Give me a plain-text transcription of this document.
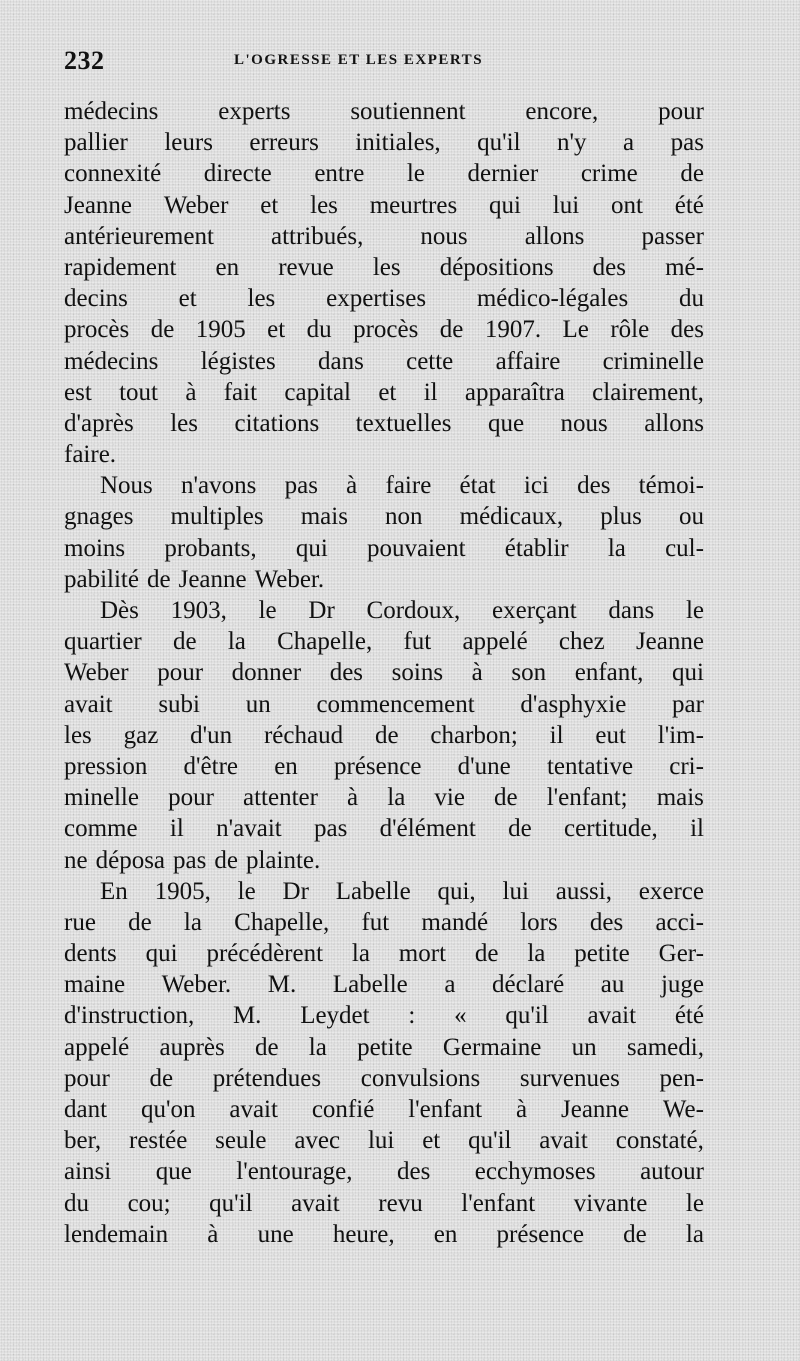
232	L'OGRESSE ET LES EXPERTS
médecins experts soutiennent encore, pour
pallier leurs erreurs initiales, qu'il n'y a pas
connexité directe entre le dernier crime de
Jeanne Weber et les meurtres qui lui ont été
antérieurement attribués, nous allons passer
rapidement en revue les dépositions des mé-
decins et les expertises médico-légales du
procès de 1905 et du procès de 1907. Le rôle des
médecins légistes dans cette affaire criminelle
est tout à fait capital et il apparaîtra clairement,
d'après les citations textuelles que nous allons
faire.
Nous n'avons pas à faire état ici des témoi-
gnages multiples mais non médicaux, plus ou
moins probants, qui pouvaient établir la cul-
pabilité de Jeanne Weber.
Dès 1903, le Dr Cordoux, exerçant dans le
quartier de la Chapelle, fut appelé chez Jeanne
Weber pour donner des soins à son enfant, qui
avait subi un commencement d'asphyxie par
les gaz d'un réchaud de charbon; il eut l'im-
pression d'être en présence d'une tentative cri-
minelle pour attenter à la vie de l'enfant; mais
comme il n'avait pas d'élément de certitude, il
ne déposa pas de plainte.
En 1905, le Dr Labelle qui, lui aussi, exerce
rue de la Chapelle, fut mandé lors des acci-
dents qui précédèrent la mort de la petite Ger-
maine Weber. M. Labelle a déclaré au juge
d'instruction, M. Leydet : « qu'il avait été
appelé auprès de la petite Germaine un samedi,
pour de prétendues convulsions survenues pen-
dant qu'on avait confié l'enfant à Jeanne We-
ber, restée seule avec lui et qu'il avait constaté,
ainsi que l'entourage, des ecchymoses autour
du cou; qu'il avait revu l'enfant vivante le
lendemain à une heure, en présence de la
